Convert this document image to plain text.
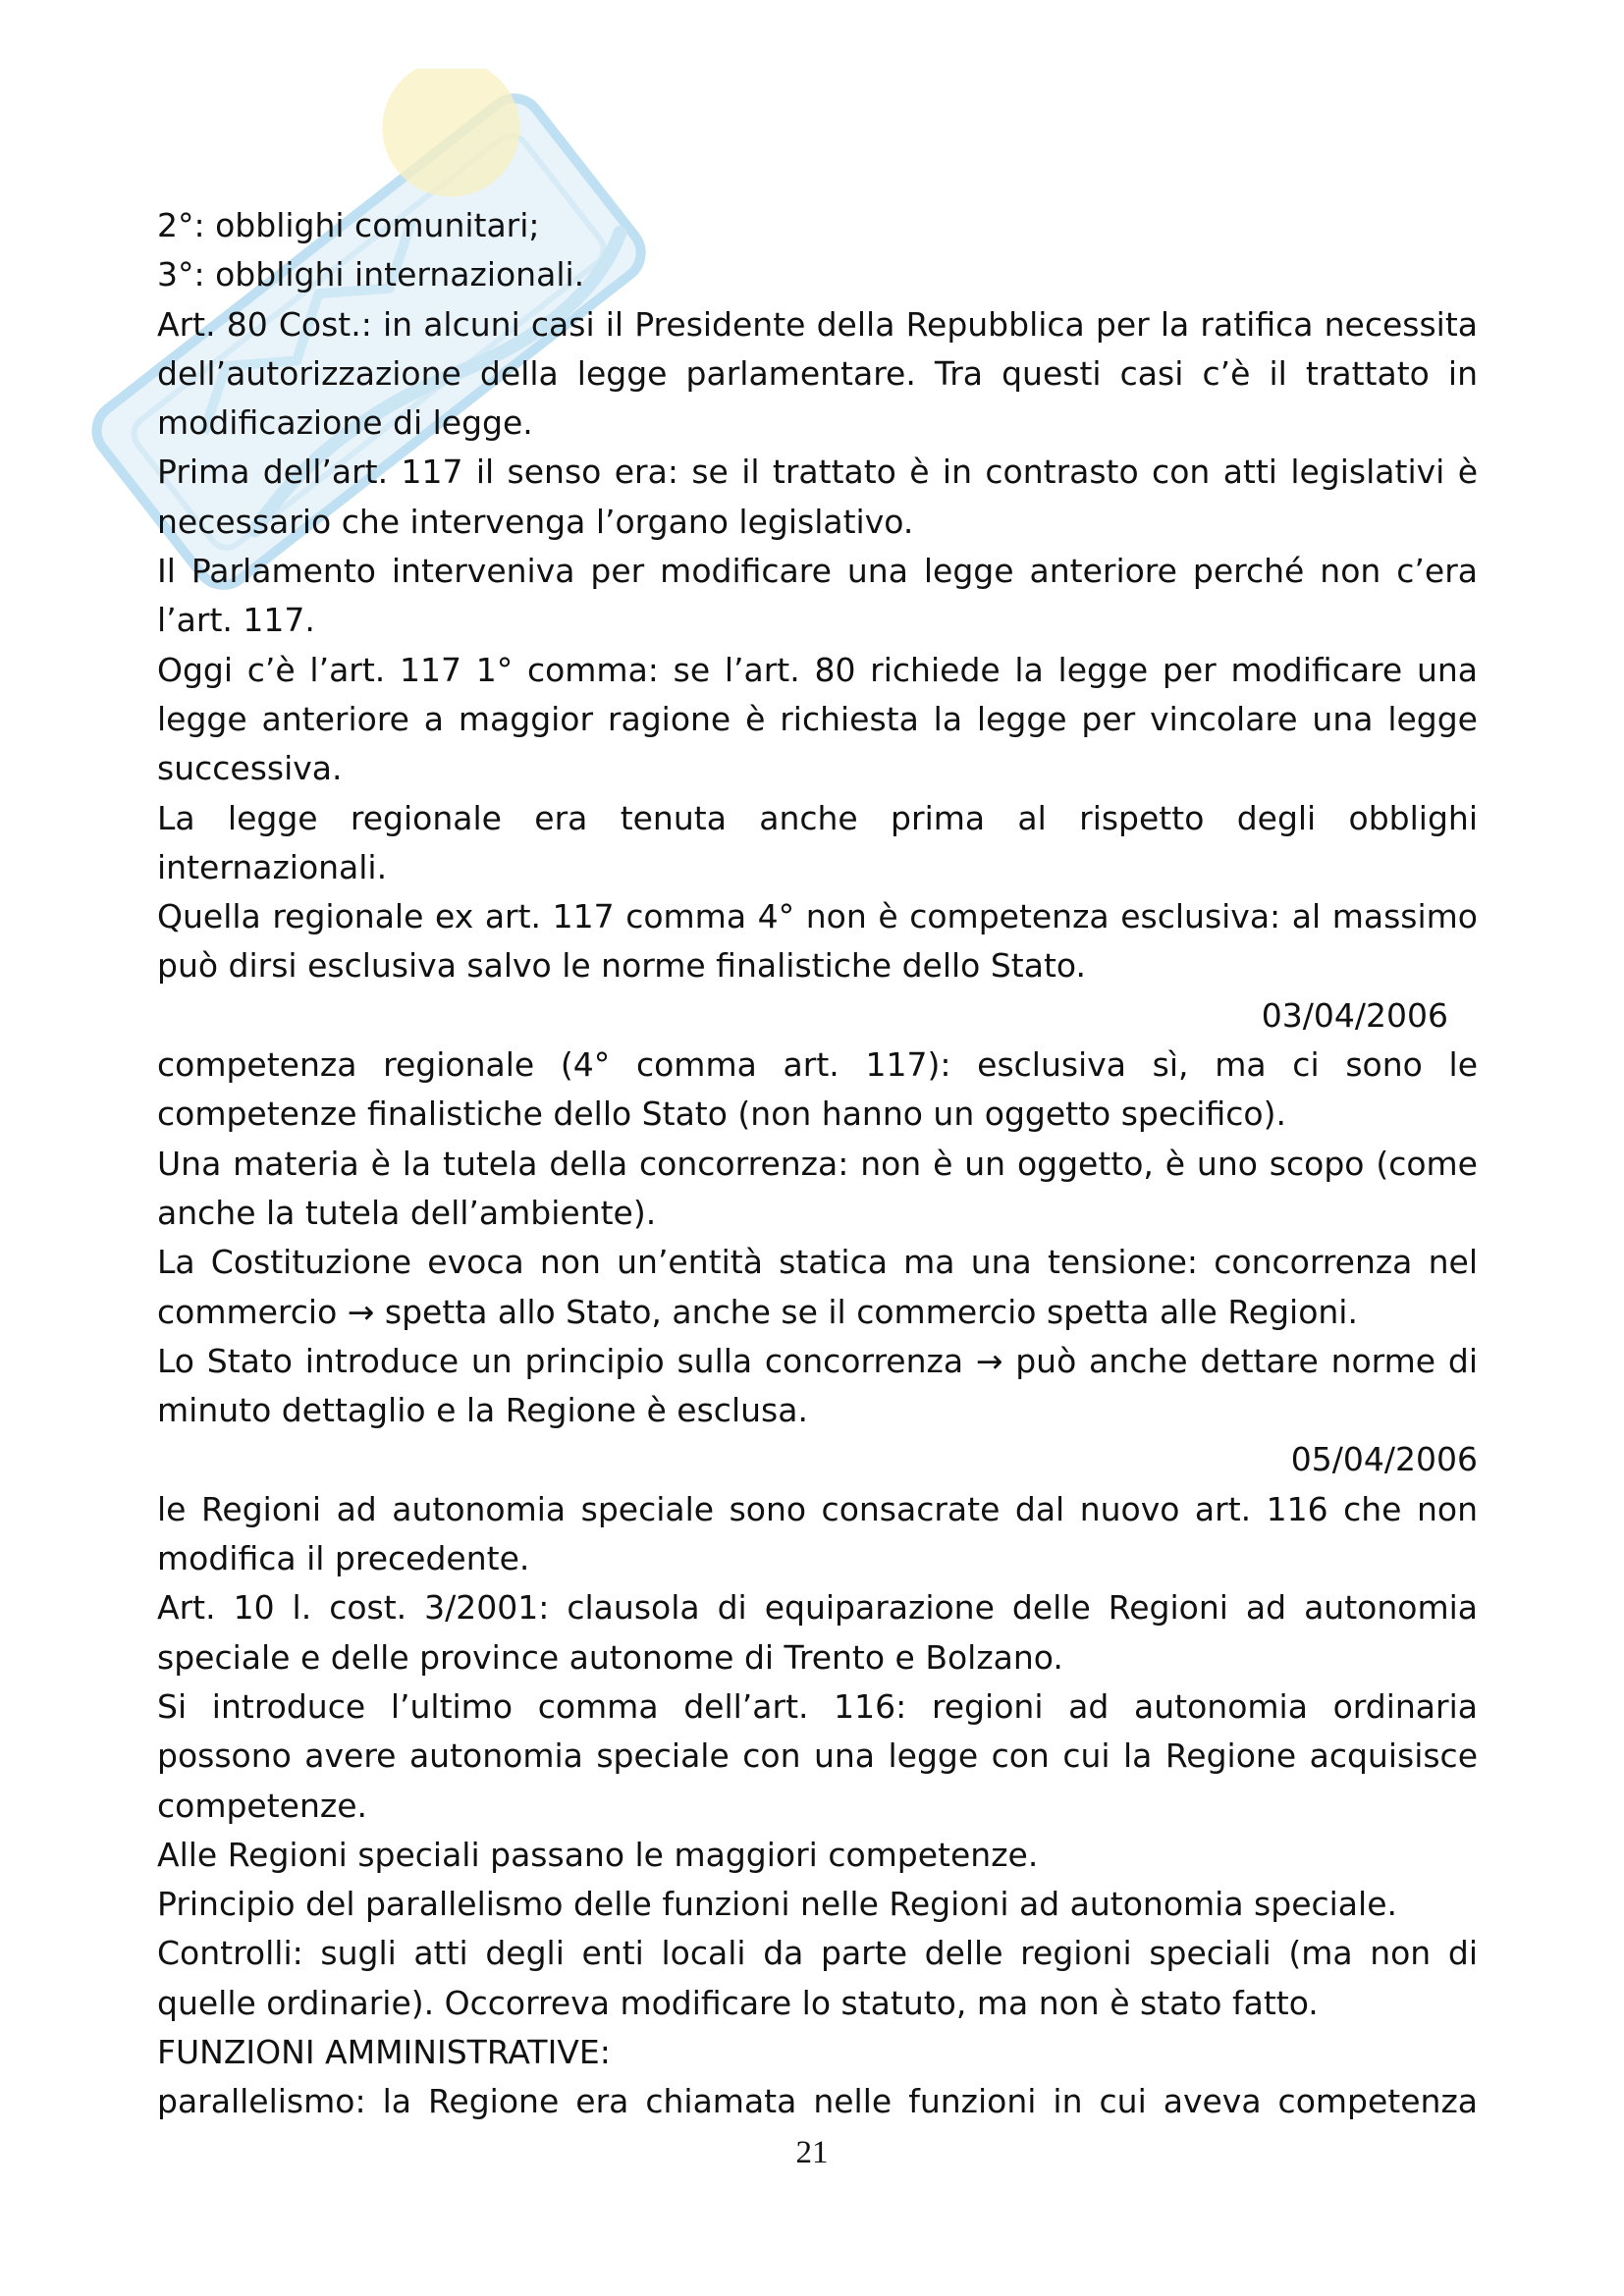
2°: obblighi comunitari;

3°: obblighi internazionali.

Art. 80 Cost.: in alcuni casi il Presidente della Repubblica per la ratifica necessita dell’autorizzazione della legge parlamentare. Tra questi casi c’è il trattato in modificazione di legge.

Prima dell’art. 117 il senso era: se il trattato è in contrasto con atti legislativi è necessario che intervenga l’organo legislativo.

Il Parlamento interveniva per modificare una legge anteriore perché non c’era l’art. 117.

Oggi c’è l’art. 117 1° comma: se l’art. 80 richiede la legge per modificare una legge anteriore a maggior ragione è richiesta la legge per vincolare una legge successiva.

La legge regionale era tenuta anche prima al rispetto degli obblighi internazionali.

Quella regionale ex art. 117 comma 4° non è competenza esclusiva: al massimo può dirsi esclusiva salvo le norme finalistiche dello Stato.

03/04/2006

competenza regionale (4° comma art. 117): esclusiva sì, ma ci sono le competenze finalistiche dello Stato (non hanno un oggetto specifico).

Una materia è la tutela della concorrenza: non è un oggetto, è uno scopo (come anche la tutela dell’ambiente).

La Costituzione evoca non un’entità statica ma una tensione: concorrenza nel commercio → spetta allo Stato, anche se il commercio spetta alle Regioni.

Lo Stato introduce un principio sulla concorrenza → può anche dettare norme di minuto dettaglio e la Regione è esclusa.

05/04/2006

le Regioni ad autonomia speciale sono consacrate dal nuovo art. 116 che non modifica il precedente.

Art. 10 l. cost. 3/2001: clausola di equiparazione delle Regioni ad autonomia speciale e delle province autonome di Trento e Bolzano.

Si introduce l’ultimo comma dell’art. 116: regioni ad autonomia ordinaria possono avere autonomia speciale con una legge con cui la Regione acquisisce competenze.

Alle Regioni speciali passano le maggiori competenze.

Principio del parallelismo delle funzioni nelle Regioni ad autonomia speciale.

Controlli: sugli atti degli enti locali da parte delle regioni speciali (ma non di quelle ordinarie). Occorreva modificare lo statuto, ma non è stato fatto.

FUNZIONI AMMINISTRATIVE:

parallelismo: la Regione era chiamata nelle funzioni in cui aveva competenza

21
